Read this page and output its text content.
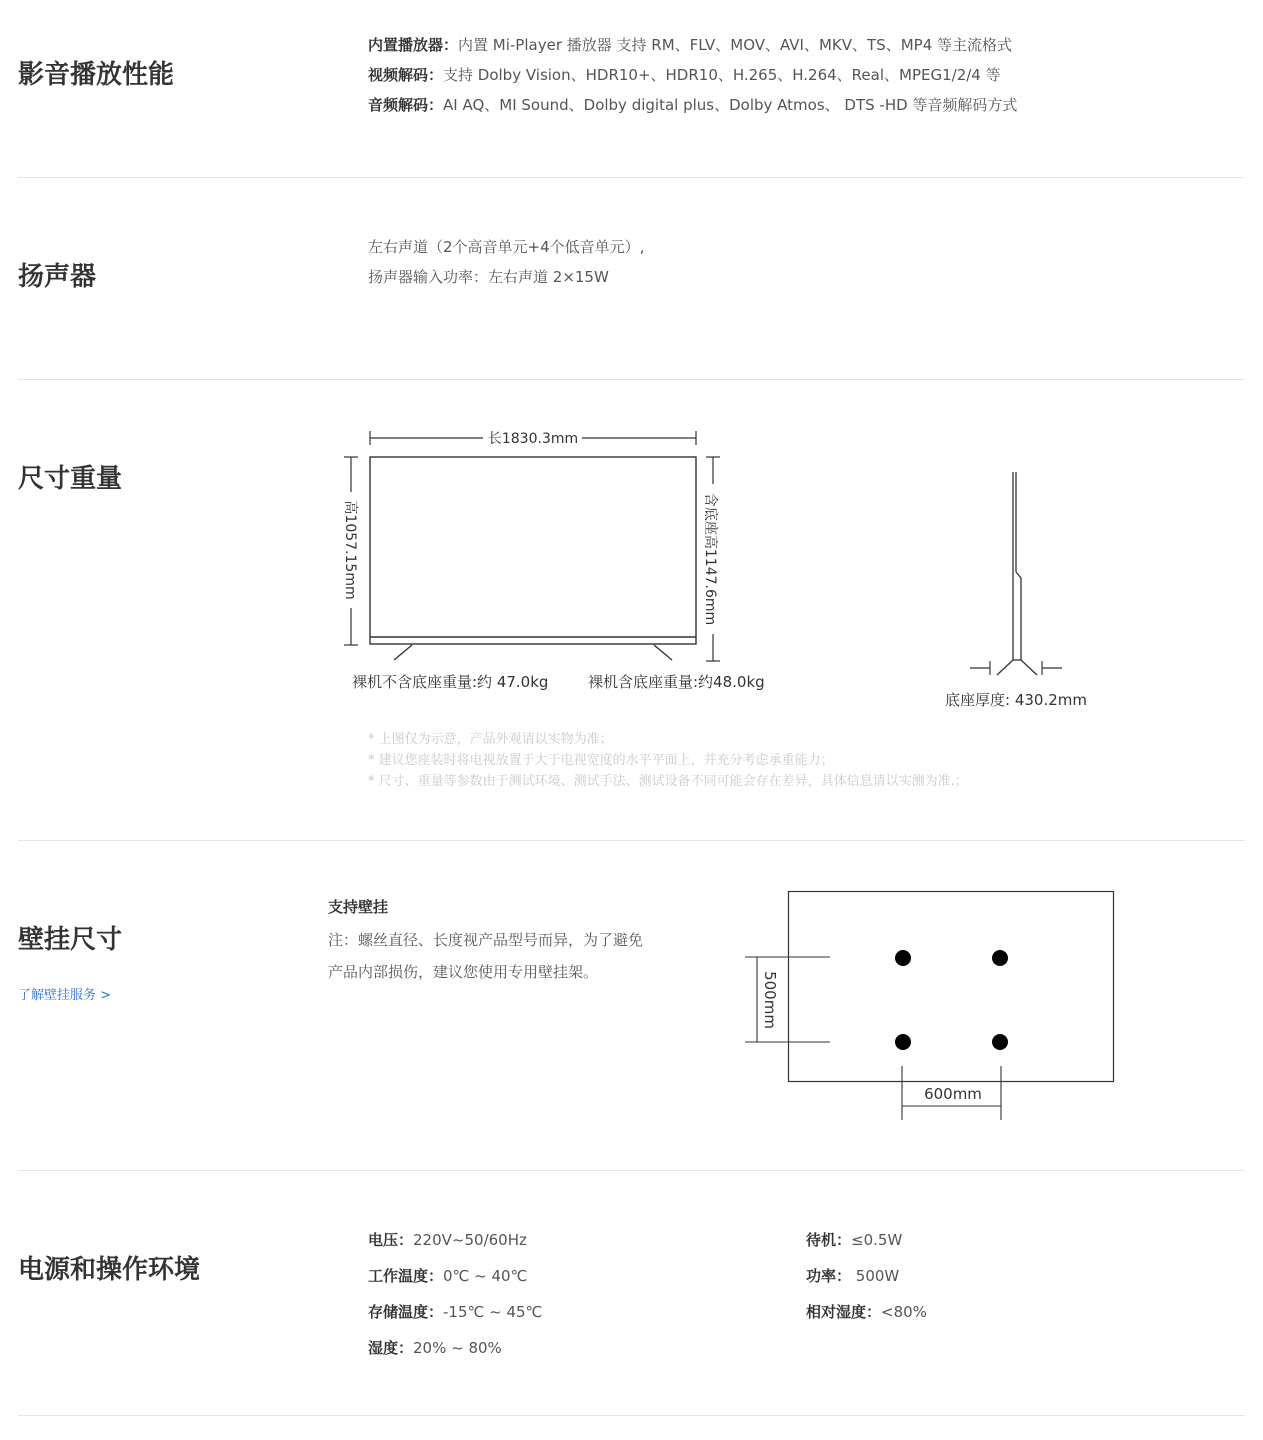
影音播放性能
内置播放器：内置 Mi-Player 播放器 支持 RM、FLV、MOV、AVI、MKV、TS、MP4 等主流格式
视频解码：支持 Dolby Vision、HDR10+、HDR10、H.265、H.264、Real、MPEG1/2/4 等
音频解码：AI AQ、MI Sound、Dolby digital plus、Dolby Atmos、 DTS -HD 等音频解码方式
扬声器
左右声道（2个高音单元+4个低音单元）,
扬声器输入功率：左右声道 2×15W
尺寸重量
长1830.3mm
高1057.15mm	含底座高1147.6mm
裸机不含底座重量:约 47.0kg	裸机含底座重量:约48.0kg
底座厚度: 430.2mm
* 上图仅为示意，产品外观请以实物为准；
* 建议您座装时将电视放置于大于电视宽度的水平平面上，并充分考虑承重能力；
* 尺寸、重量等参数由于测试环境、测试手法、测试设备不同可能会存在差异，具体信息请以实测为准.；
壁挂尺寸
了解壁挂服务 >
支持壁挂
注：螺丝直径、长度视产品型号而异，为了避免
产品内部损伤，建议您使用专用壁挂架。	500mm
600mm
电源和操作环境
电压：220V~50/60Hz
工作温度：0℃ ~ 40℃
存储温度：-15℃ ~ 45℃
湿度：20% ~ 80%
待机：≤0.5W
功率： 500W
相对湿度：<80%
